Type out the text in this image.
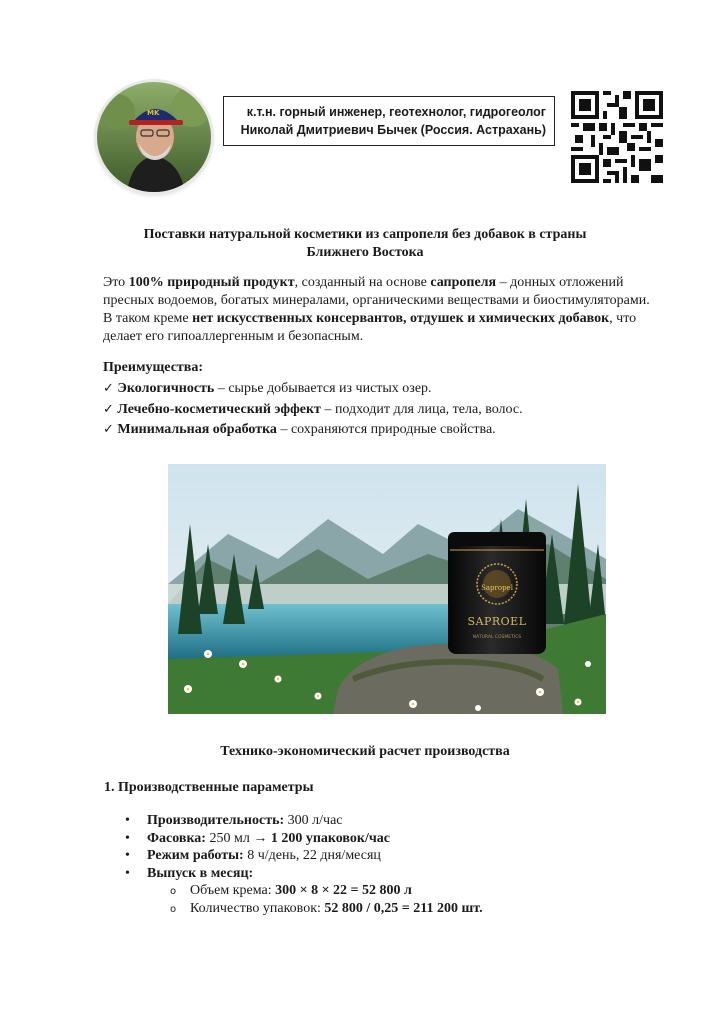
MK	к.т.н. горный инженер, геотехнолог, гидрогеолог
Николай Дмитриевич Бычек (Россия. Астрахань)
Поставки натуральной косметики из сапропеля без добавок в страны
Ближнего Востока
Это 100% природный продукт, созданный на основе сапропеля – донных отложений пресных водоемов, богатых минералами, органическими веществами и биостимуляторами. В таком креме нет искусственных консервантов, отдушек и химических добавок, что делает его гипоаллергенным и безопасным.
Преимущества:
✓ Экологичность – сырье добывается из чистых озер.
✓ Лечебно-косметический эффект – подходит для лица, тела, волос.
✓ Минимальная обработка – сохраняются природные свойства.
Sapropel
SAPROEL
NATURAL COSMETICS
Технико-экономический расчет производства
1. Производственные параметры
• Производительность: 300 л/час
• Фасовка: 250 мл → 1 200 упаковок/час
• Режим работы: 8 ч/день, 22 дня/месяц
• Выпуск в месяц:
o Объем крема: 300 × 8 × 22 = 52 800 л
o Количество упаковок: 52 800 / 0,25 = 211 200 шт.
